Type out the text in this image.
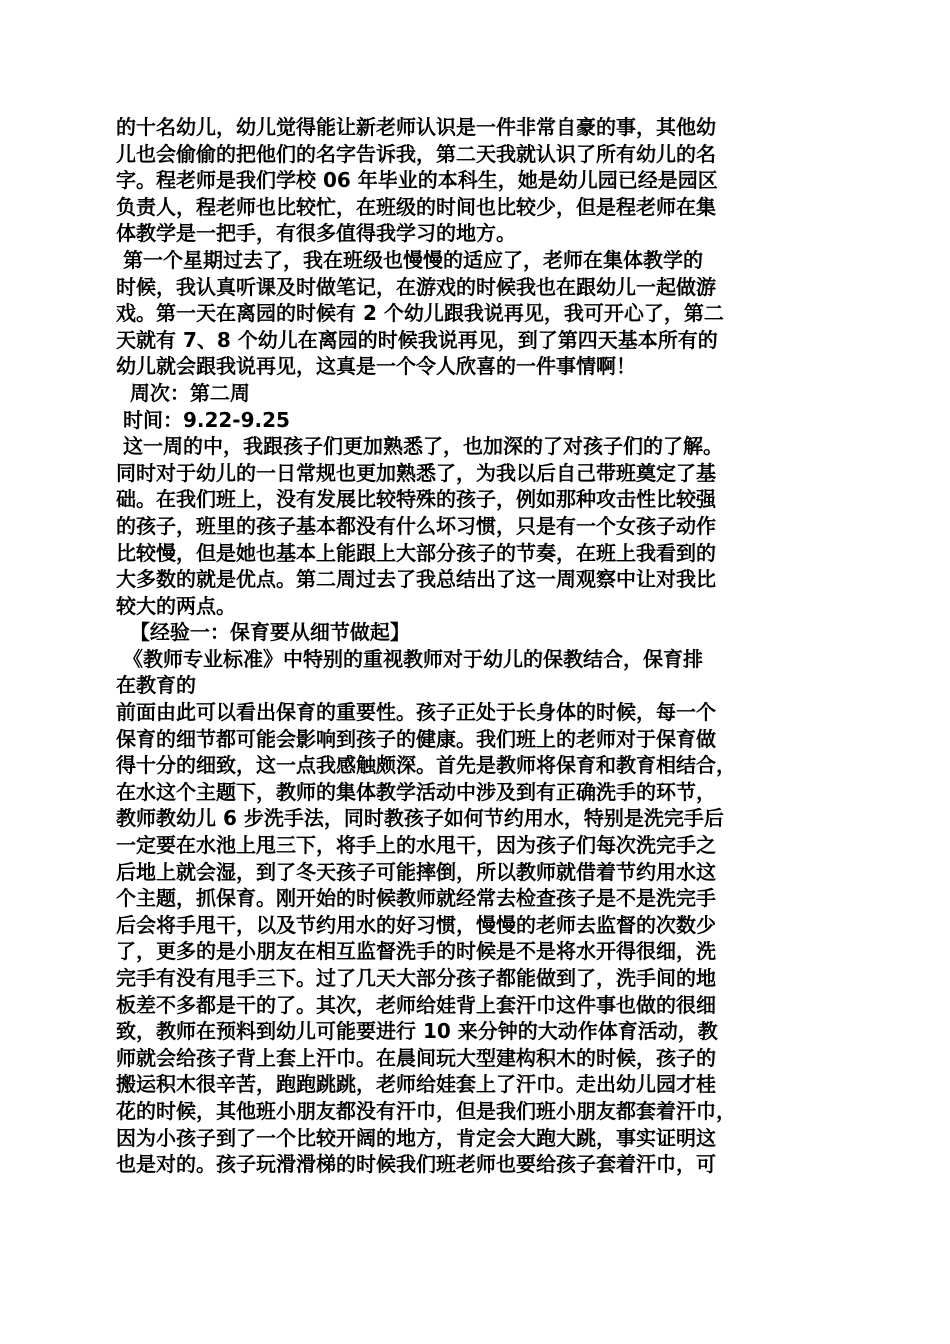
的十名幼儿，幼儿觉得能让新老师认识是一件非常自豪的事，其他幼
儿也会偷偷的把他们的名字告诉我，第二天我就认识了所有幼儿的名
字。程老师是我们学校 06 年毕业的本科生，她是幼儿园已经是园区
负责人，程老师也比较忙，在班级的时间也比较少，但是程老师在集
体教学是一把手，有很多值得我学习的地方。
第一个星期过去了，我在班级也慢慢的适应了，老师在集体教学的
时候，我认真听课及时做笔记，在游戏的时候我也在跟幼儿一起做游
戏。第一天在离园的时候有 2 个幼儿跟我说再见，我可开心了，第二
天就有 7、8 个幼儿在离园的时候我说再见，到了第四天基本所有的
幼儿就会跟我说再见，这真是一个令人欣喜的一件事情啊！
周次：第二周
时间：9.22-9.25
这一周的中，我跟孩子们更加熟悉了，也加深的了对孩子们的了解。
同时对于幼儿的一日常规也更加熟悉了，为我以后自己带班奠定了基
础。在我们班上，没有发展比较特殊的孩子，例如那种攻击性比较强
的孩子，班里的孩子基本都没有什么坏习惯，只是有一个女孩子动作
比较慢，但是她也基本上能跟上大部分孩子的节奏，在班上我看到的
大多数的就是优点。第二周过去了我总结出了这一周观察中让对我比
较大的两点。
【经验一：保育要从细节做起】
《教师专业标准》中特别的重视教师对于幼儿的保教结合，保育排
在教育的
前面由此可以看出保育的重要性。孩子正处于长身体的时候，每一个
保育的细节都可能会影响到孩子的健康。我们班上的老师对于保育做
得十分的细致，这一点我感触颇深。首先是教师将保育和教育相结合，
在水这个主题下，教师的集体教学活动中涉及到有正确洗手的环节，
教师教幼儿 6 步洗手法，同时教孩子如何节约用水，特别是洗完手后
一定要在水池上甩三下，将手上的水甩干，因为孩子们每次洗完手之
后地上就会湿，到了冬天孩子可能摔倒，所以教师就借着节约用水这
个主题，抓保育。刚开始的时候教师就经常去检查孩子是不是洗完手
后会将手甩干，以及节约用水的好习惯，慢慢的老师去监督的次数少
了，更多的是小朋友在相互监督洗手的时候是不是将水开得很细，洗
完手有没有甩手三下。过了几天大部分孩子都能做到了，洗手间的地
板差不多都是干的了。其次，老师给娃背上套汗巾这件事也做的很细
致，教师在预料到幼儿可能要进行 10 来分钟的大动作体育活动，教
师就会给孩子背上套上汗巾。在晨间玩大型建构积木的时候，孩子的
搬运积木很辛苦，跑跑跳跳，老师给娃套上了汗巾。走出幼儿园才桂
花的时候，其他班小朋友都没有汗巾，但是我们班小朋友都套着汗巾，
因为小孩子到了一个比较开阔的地方，肯定会大跑大跳，事实证明这
也是对的。孩子玩滑滑梯的时候我们班老师也要给孩子套着汗巾，可
